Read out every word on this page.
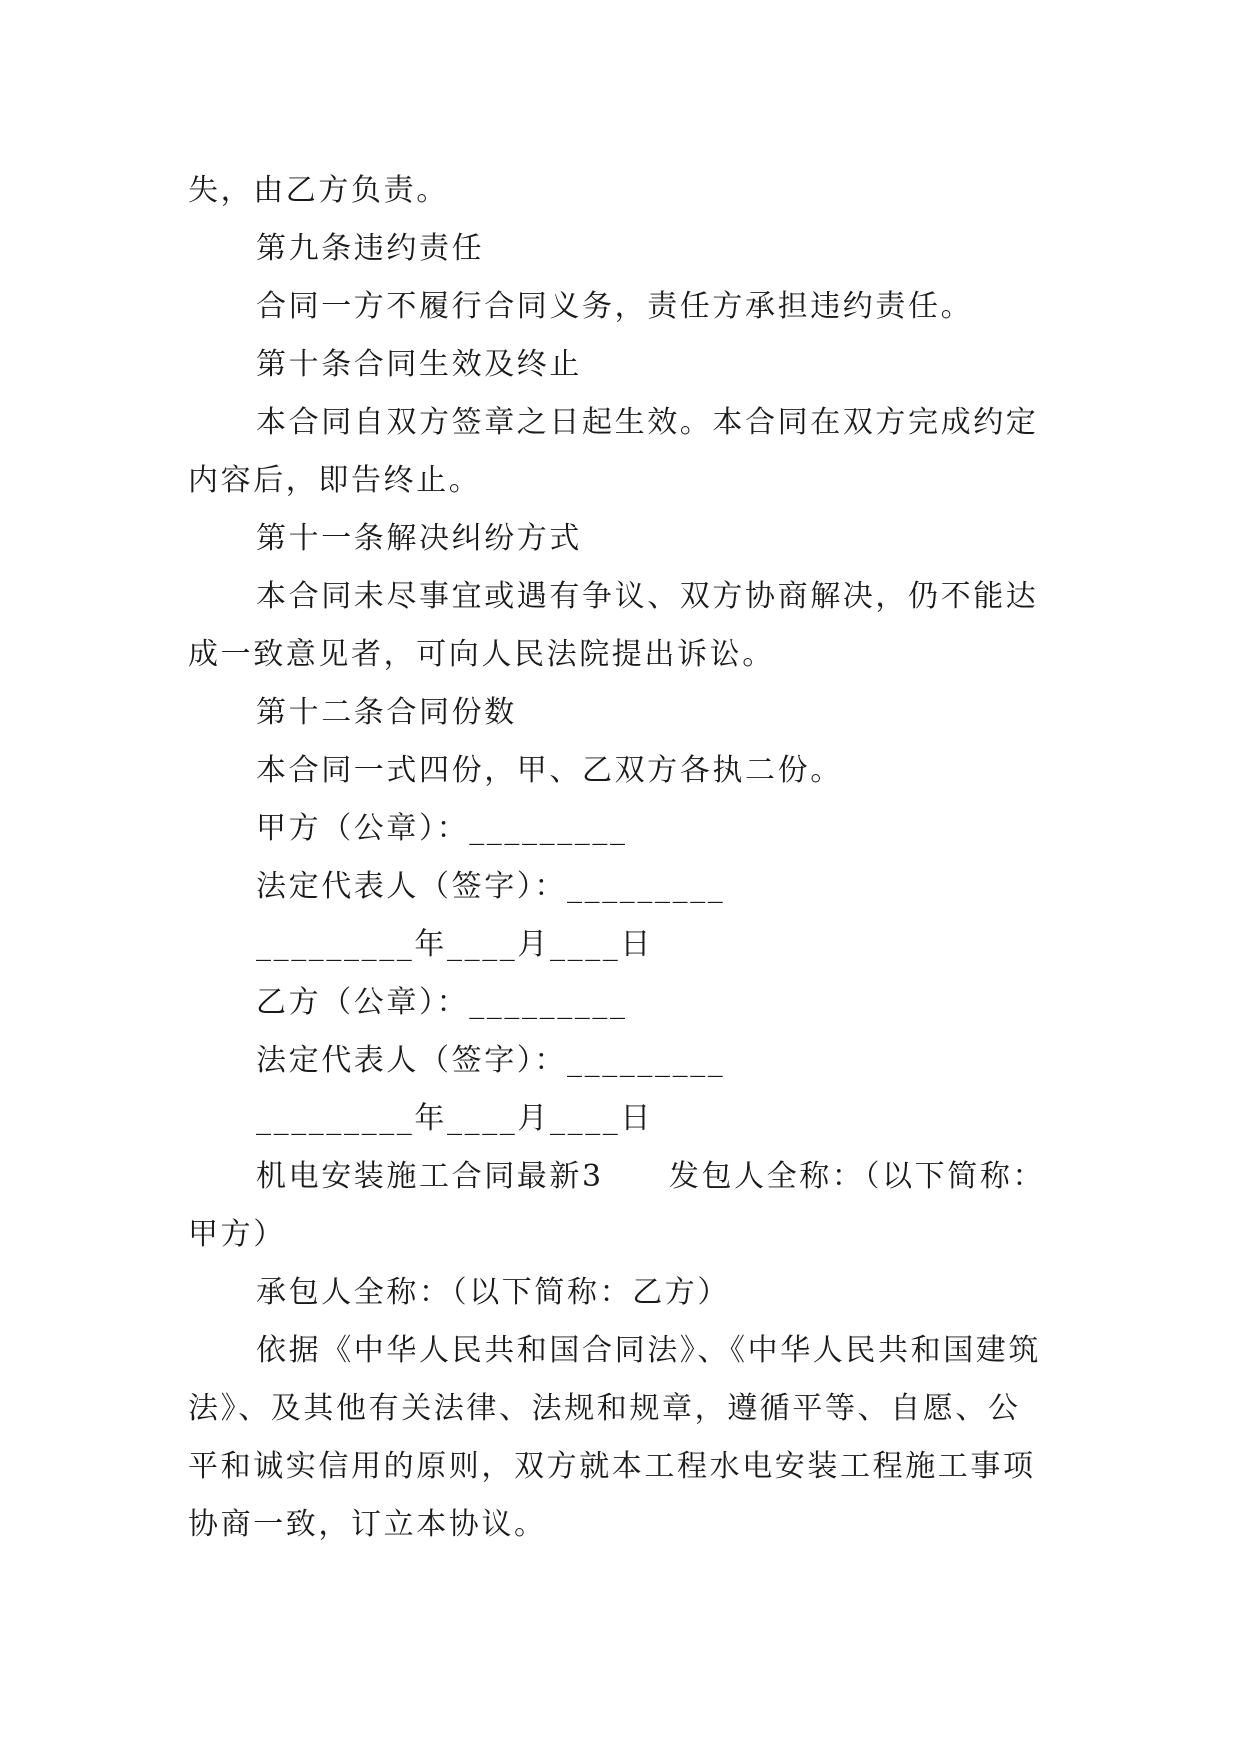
失，由乙方负责。
第九条违约责任
合同一方不履行合同义务，责任方承担违约责任。
第十条合同生效及终止
本合同自双方签章之日起生效。本合同在双方完成约定
内容后，即告终止。
第十一条解决纠纷方式
本合同未尽事宜或遇有争议、双方协商解决，仍不能达
成一致意见者，可向人民法院提出诉讼。
第十二条合同份数
本合同一式四份，甲、乙双方各执二份。
甲方（公章）：_________
法定代表人（签字）：_________
_________年____月____日
乙方（公章）：_________
法定代表人（签字）：_________
_________年____月____日
机电安装施工合同最新3　　发包人全称：（以下简称：
甲方）
承包人全称：（以下简称：乙方）
依据《中华人民共和国合同法》、《中华人民共和国建筑
法》、及其他有关法律、法规和规章，遵循平等、自愿、公
平和诚实信用的原则，双方就本工程水电安装工程施工事项
协商一致，订立本协议。
